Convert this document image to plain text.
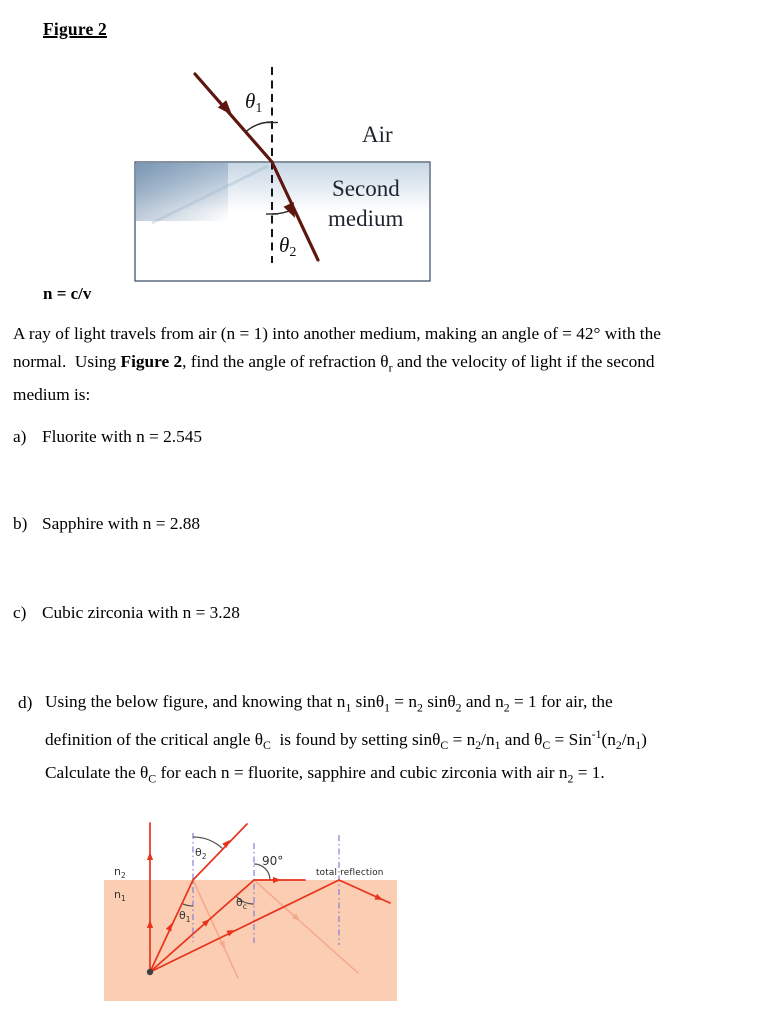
Figure 2
θ1
θ2
Air
Second
medium
n = c/v
A ray of light travels from air (n = 1) into another medium, making an angle of = 42° with the
normal.  Using Figure 2, find the angle of refraction $\theta_r$ and the velocity of light if the second
medium is:
a) Fluorite with n = 2.545
b) Sapphire with n = 2.88
c) Cubic zirconia with n = 3.28
d) Using the below figure, and knowing that $n_1$ $\sin\theta_1 = n_2$ sinθ$_2$ and $n_2 = 1$ for air, the
definition of the critical angle $\theta_C$  is found by setting $\sin\theta_C = n_2/n_1$ and $\theta_C = Sin^{-1}(n_2/n_1)$
Calculate the $\theta_C$ for each n = fluorite, sapphire and cubic zirconia with air $n_2 = 1$.
$n_2$
$n_1$
$\theta_2$
$\theta_1$
$\theta_c$
90°
total reflection
